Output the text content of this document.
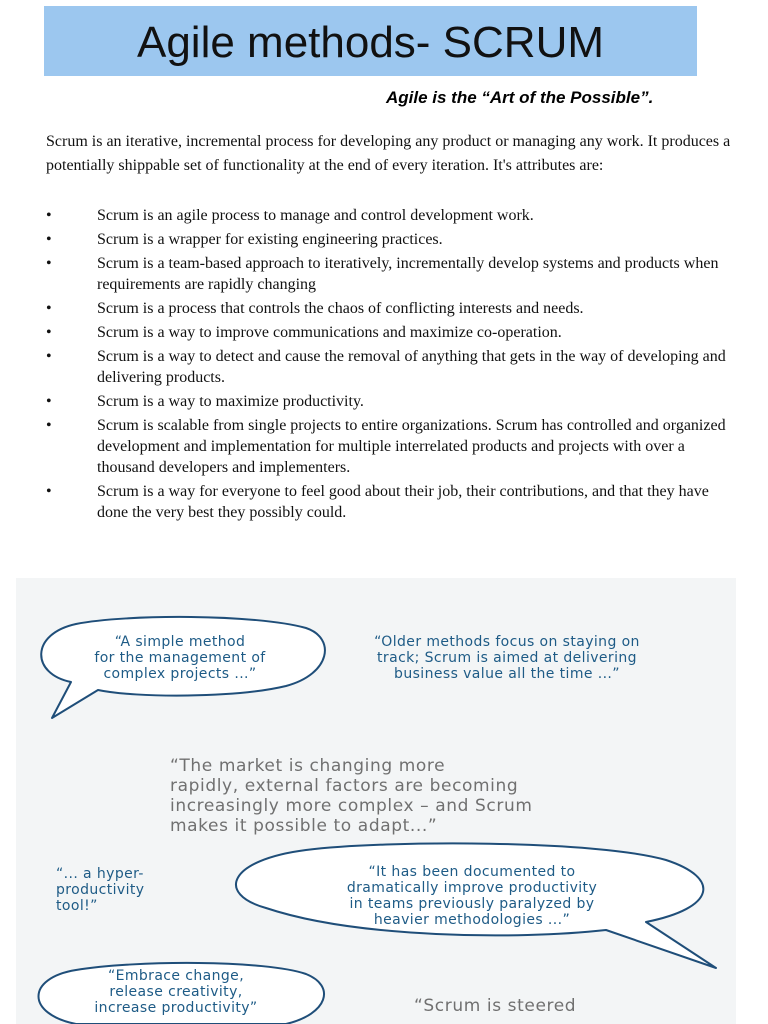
Agile methods- SCRUM
Agile is the “Art of the Possible”.

Scrum is an iterative, incremental process for developing any product or managing any work. It produces a potentially shippable set of functionality at the end of every iteration. It's attributes are:

•	Scrum is an agile process to manage and control development work.
•	Scrum is a wrapper for existing engineering practices.
•	Scrum is a team-based approach to iteratively, incrementally develop systems and products when requirements are rapidly changing
•	Scrum is a process that controls the chaos of conflicting interests and needs.
•	Scrum is a way to improve communications and maximize co-operation.
•	Scrum is a way to detect and cause the removal of anything that gets in the way of developing and delivering products.
•	Scrum is a way to maximize productivity.
•	Scrum is scalable from single projects to entire organizations. Scrum has controlled and organized development and implementation for multiple interrelated products and projects with over a thousand developers and implementers.
•	Scrum is a way for everyone to feel good about their job, their contributions, and that they have done the very best they possibly could.
“A simple method
for the management of
complex projects ...”
“Older methods focus on staying on
track; Scrum is aimed at delivering
business value all the time ...”
“The market is changing more
rapidly, external factors are becoming
increasingly more complex – and Scrum
makes it possible to adapt...”
“... a hyper-
productivity
tool!”
“It has been documented to
dramatically improve productivity
in teams previously paralyzed by
heavier methodologies ...”
“Embrace change,
release creativity,
increase productivity”	“Scrum is steered
